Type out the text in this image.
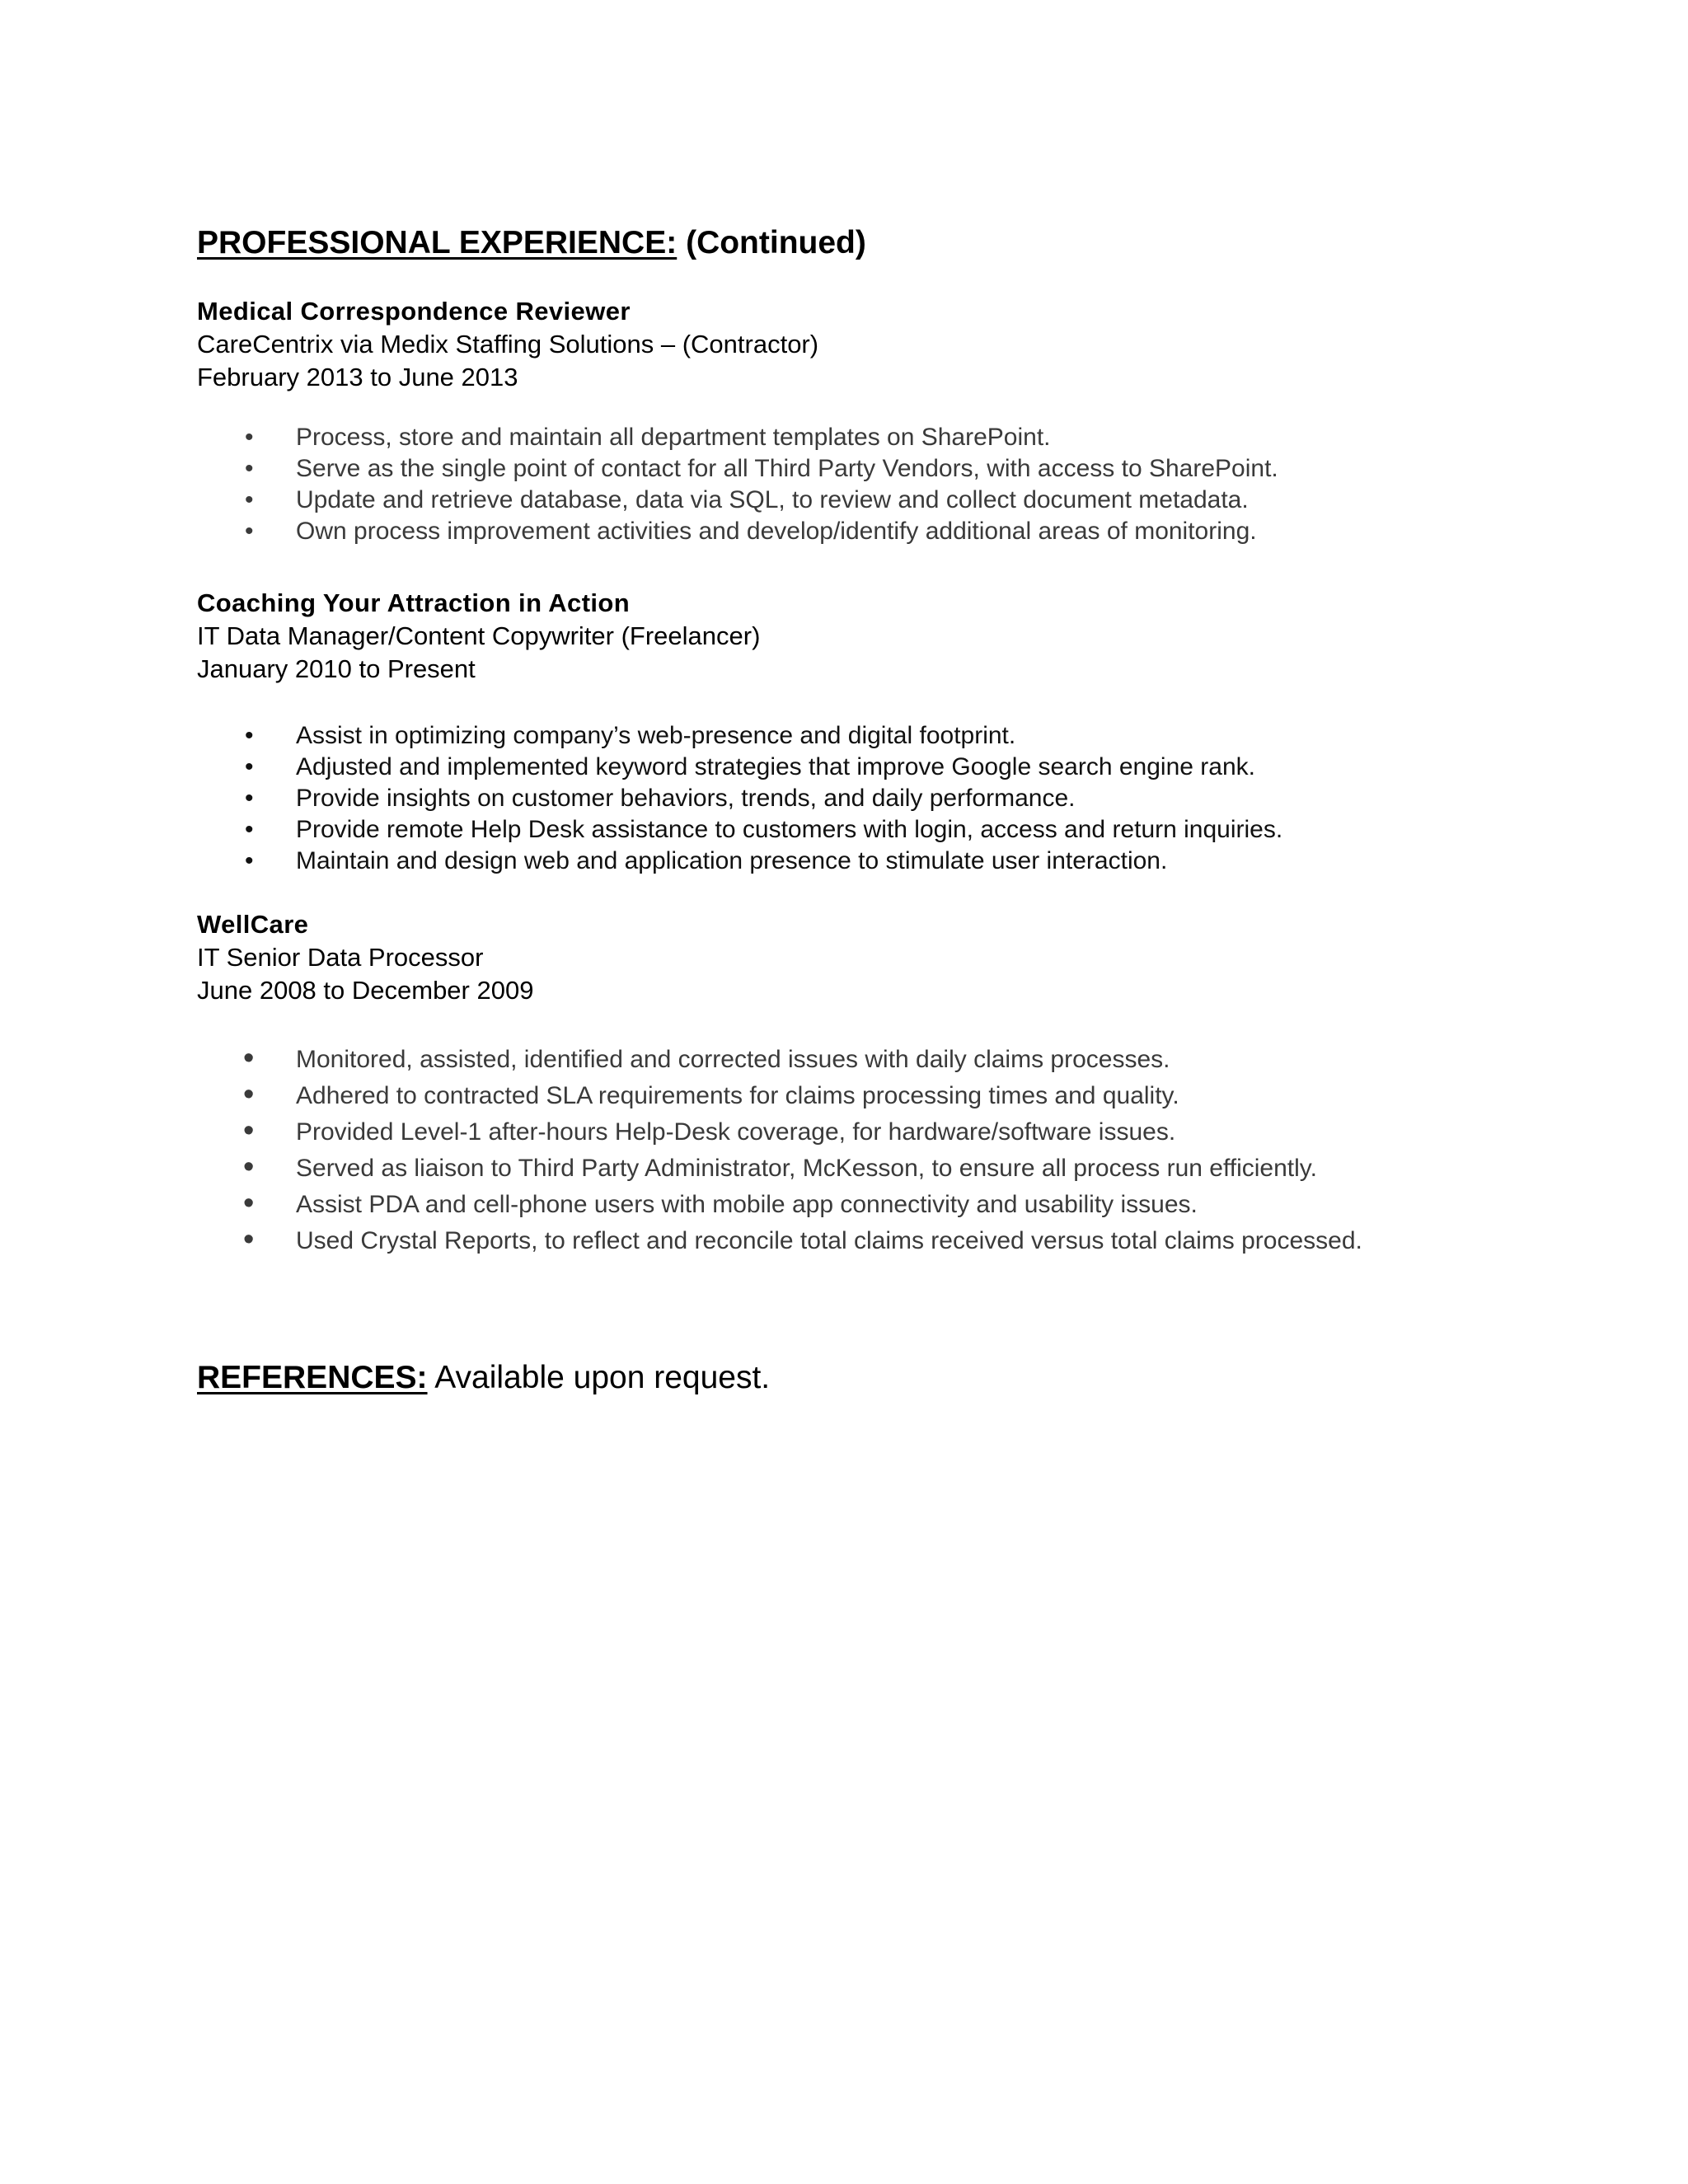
PROFESSIONAL EXPERIENCE: (Continued)
Medical Correspondence Reviewer
CareCentrix via Medix Staffing Solutions – (Contractor)
February 2013 to June 2013
• Process, store and maintain all department templates on SharePoint.
• Serve as the single point of contact for all Third Party Vendors, with access to SharePoint.
• Update and retrieve database, data via SQL, to review and collect document metadata.
• Own process improvement activities and develop/identify additional areas of monitoring.
Coaching Your Attraction in Action
IT Data Manager/Content Copywriter (Freelancer)
January 2010 to Present
• Assist in optimizing company’s web-presence and digital footprint.
• Adjusted and implemented keyword strategies that improve Google search engine rank.
• Provide insights on customer behaviors, trends, and daily performance.
• Provide remote Help Desk assistance to customers with login, access and return inquiries.
• Maintain and design web and application presence to stimulate user interaction.
WellCare
IT Senior Data Processor
June 2008 to December 2009
• Monitored, assisted, identified and corrected issues with daily claims processes.
• Adhered to contracted SLA requirements for claims processing times and quality.
• Provided Level-1 after-hours Help-Desk coverage, for hardware/software issues.
• Served as liaison to Third Party Administrator, McKesson, to ensure all process run efficiently.
• Assist PDA and cell-phone users with mobile app connectivity and usability issues.
• Used Crystal Reports, to reflect and reconcile total claims received versus total claims processed.
REFERENCES: Available upon request.
